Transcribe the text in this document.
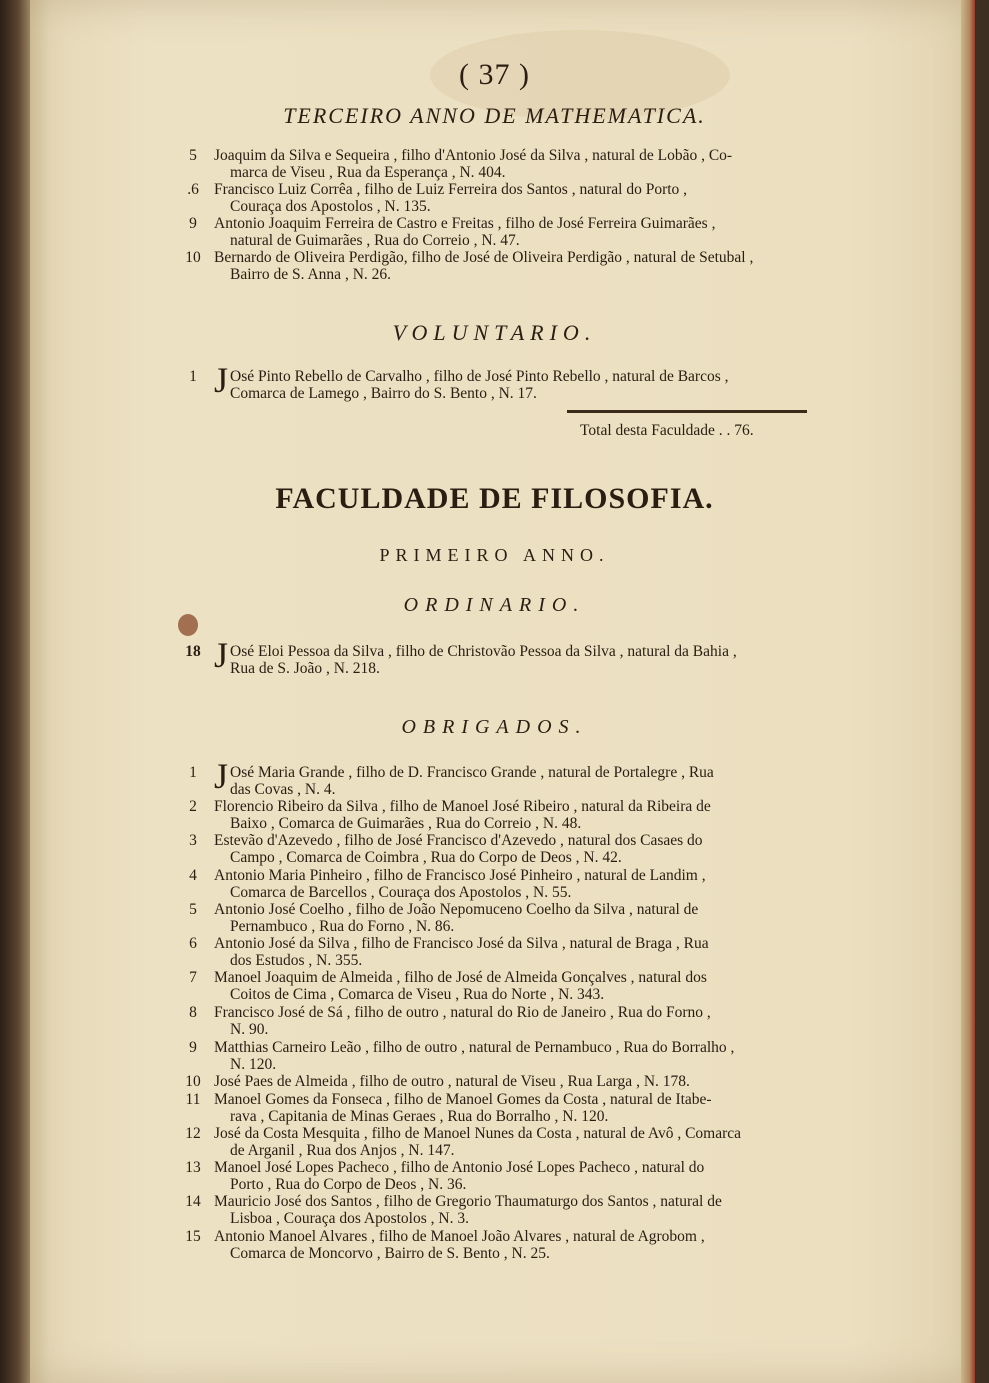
( 37 )
TERCEIRO ANNO DE MATHEMATICA.
5	Joaquim da Silva e Sequeira , filho d'Antonio José da Silva , natural de Lobão , Co-
marca de Viseu , Rua da Esperança , N. 404.
.6 Francisco Luiz Corrêa , filho de Luiz Ferreira dos Santos , natural do Porto ,
Couraça dos Apostolos , N. 135.
9	Antonio Joaquim Ferreira de Castro e Freitas , filho de José Ferreira Guimarães ,
natural de Guimarães , Rua do Correio , N. 47.
10 Bernardo de Oliveira Perdigão, filho de José de Oliveira Perdigão , natural de Setubal ,
Bairro de S. Anna , N. 26.
VOLUNTARIO.
1 J Osé Pinto Rebello de Carvalho , filho de José Pinto Rebello , natural de Barcos ,
Comarca de Lamego , Bairro do S. Bento , N. 17.
Total desta Faculdade . . 76.
FACULDADE DE FILOSOFIA.
PRIMEIRO ANNO.
ORDINARIO.
18 J Osé Eloi Pessoa da Silva , filho de Christovão Pessoa da Silva , natural da Bahia ,
Rua de S. João , N. 218.
OBRIGADOS.
1 J Osé Maria Grande , filho de D. Francisco Grande , natural de Portalegre , Rua
das Covas , N. 4.
2	Florencio Ribeiro da Silva , filho de Manoel José Ribeiro , natural da Ribeira de
Baixo , Comarca de Guimarães , Rua do Correio , N. 48.
3	Estevão d'Azevedo , filho de José Francisco d'Azevedo , natural dos Casaes do
Campo , Comarca de Coimbra , Rua do Corpo de Deos , N. 42.
4	Antonio Maria Pinheiro , filho de Francisco José Pinheiro , natural de Landim ,
Comarca de Barcellos , Couraça dos Apostolos , N. 55.
5	Antonio José Coelho , filho de João Nepomuceno Coelho da Silva , natural de
Pernambuco , Rua do Forno , N. 86.
6	Antonio José da Silva , filho de Francisco José da Silva , natural de Braga , Rua
dos Estudos , N. 355.
7	Manoel Joaquim de Almeida , filho de José de Almeida Gonçalves , natural dos
Coitos de Cima , Comarca de Viseu , Rua do Norte , N. 343.
8	Francisco José de Sá , filho de outro , natural do Rio de Janeiro , Rua do Forno ,
N. 90.
9	Matthias Carneiro Leão , filho de outro , natural de Pernambuco , Rua do Borralho ,
N. 120.
10 José Paes de Almeida , filho de outro , natural de Viseu , Rua Larga , N. 178.
11 Manoel Gomes da Fonseca , filho de Manoel Gomes da Costa , natural de Itabe-
rava , Capitania de Minas Geraes , Rua do Borralho , N. 120.
12 José da Costa Mesquita , filho de Manoel Nunes da Costa , natural de Avô , Comarca
de Arganil , Rua dos Anjos , N. 147.
13 Manoel José Lopes Pacheco , filho de Antonio José Lopes Pacheco , natural do
Porto , Rua do Corpo de Deos , N. 36.
14 Mauricio José dos Santos , filho de Gregorio Thaumaturgo dos Santos , natural de
Lisboa , Couraça dos Apostolos , N. 3.
15 Antonio Manoel Alvares , filho de Manoel João Alvares , natural de Agrobom ,
Comarca de Moncorvo , Bairro de S. Bento , N. 25.
